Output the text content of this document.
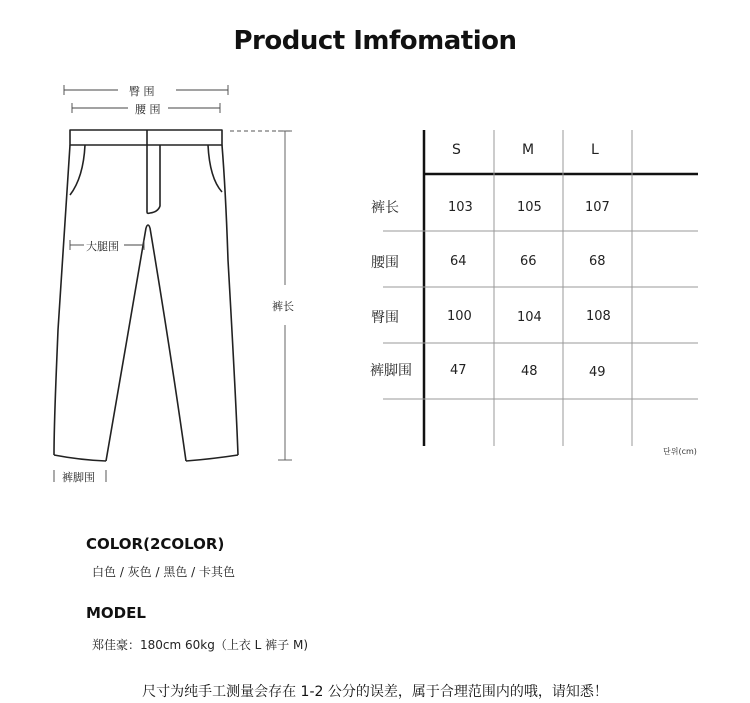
Product Imfomation
臀 围
腰 围
大腿围
裤长
裤脚围
S	M	L
裤长	103	105	107
腰围	64	66	68
臀围	100	104	108
裤脚围	47	48	49
단위(cm)
COLOR(2COLOR)
白色 / 灰色 / 黑色 / 卡其色
MODEL
郑佳豪：180cm 60kg（上衣 L 裤子 M)
尺寸为纯手工测量会存在 1-2 公分的误差，属于合理范围内的哦，请知悉！
